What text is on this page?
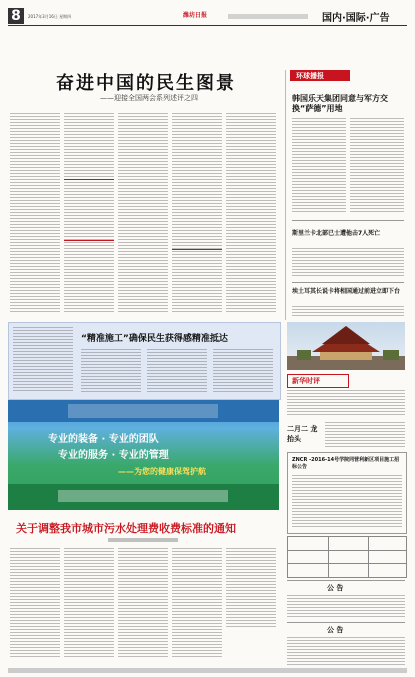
8	2017年3月16日 星期四	潍坊日报	国内·国际·广告
奋进中国的民生图景
——迎接全国两会系列述评之四
环球播报
韩国乐天集团同意与军方交换“萨德”用地
斯里兰卡北部已士遭他击7人死亡
埃土耳其长说卡将相国通过前进立即下台
“精准施工”确保民生获得感精准抵达
新华时评
专业的装备 · 专业的团队
专业的服务 · 专业的管理
——为您的健康保驾护航
二月二 龙抬头
ZNCR -2016-14号学院同营利新区项目施工招标公告
关于调整我市城市污水处理费收费标准的通知
公 告
公 告
